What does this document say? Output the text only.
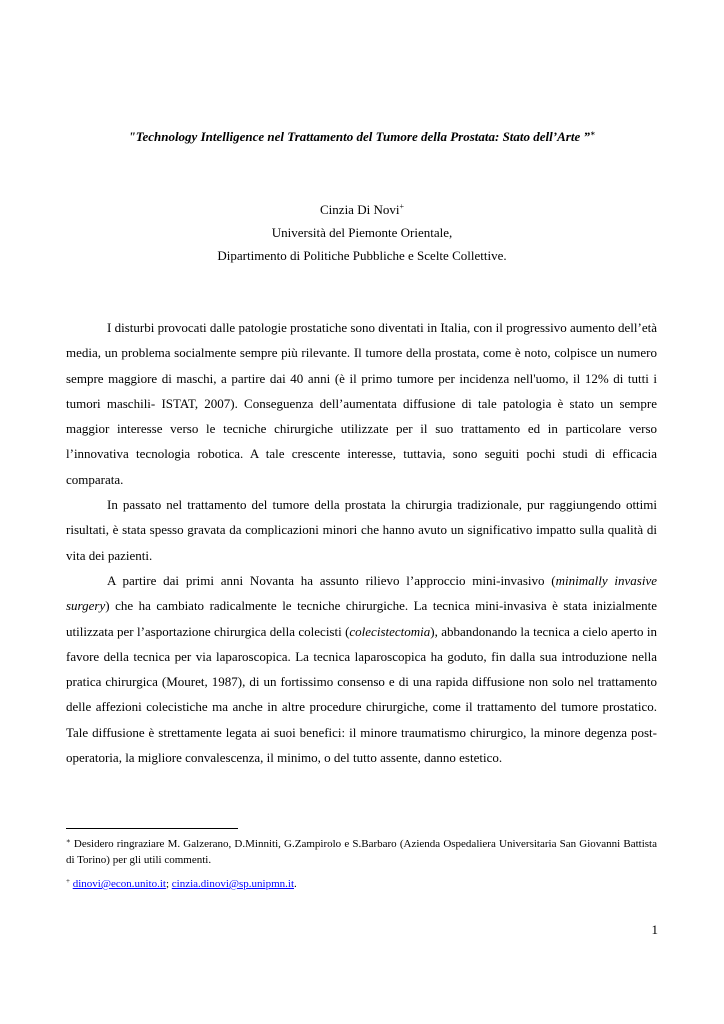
"Technology Intelligence nel Trattamento del Tumore della Prostata: Stato dell’Arte ”∗
Cinzia Di Novi+
Università del Piemonte Orientale,
Dipartimento di Politiche Pubbliche e Scelte Collettive.

I disturbi provocati dalle patologie prostatiche sono diventati in Italia, con il progressivo aumento dell’età media, un problema socialmente sempre più rilevante. Il tumore della prostata, come è noto, colpisce un numero sempre maggiore di maschi, a partire dai 40 anni (è il primo tumore per incidenza nell'uomo, il 12% di tutti i tumori maschili- ISTAT, 2007). Conseguenza dell’aumentata diffusione di tale patologia è stato un sempre maggior interesse verso le tecniche chirurgiche utilizzate per il suo trattamento ed in particolare verso l’innovativa tecnologia robotica. A tale crescente interesse, tuttavia, sono seguiti pochi studi di efficacia comparata.

In passato nel trattamento del tumore della prostata la chirurgia tradizionale, pur raggiungendo ottimi risultati, è stata spesso gravata da complicazioni minori che hanno avuto un significativo impatto sulla qualità di vita dei pazienti.

A partire dai primi anni Novanta ha assunto rilievo l’approccio mini-invasivo (minimally invasive surgery) che ha cambiato radicalmente le tecniche chirurgiche. La tecnica mini-invasiva è stata inizialmente utilizzata per l’asportazione chirurgica della colecisti (colecistectomia), abbandonando la tecnica a cielo aperto in favore della tecnica per via laparoscopica. La tecnica laparoscopica ha goduto, fin dalla sua introduzione nella pratica chirurgica (Mouret, 1987), di un fortissimo consenso e di una rapida diffusione non solo nel trattamento delle affezioni colecistiche ma anche in altre procedure chirurgiche, come il trattamento del tumore prostatico. Tale diffusione è strettamente legata ai suoi benefici: il minore traumatismo chirurgico, la minore degenza post-operatoria, la migliore convalescenza, il minimo, o del tutto assente, danno estetico.

∗ Desidero ringraziare M. Galzerano, D.Minniti, G.Zampirolo e S.Barbaro (Azienda Ospedaliera Universitaria San Giovanni Battista di Torino) per gli utili commenti.

+ dinovi@econ.unito.it; cinzia.dinovi@sp.unipmn.it.

1
